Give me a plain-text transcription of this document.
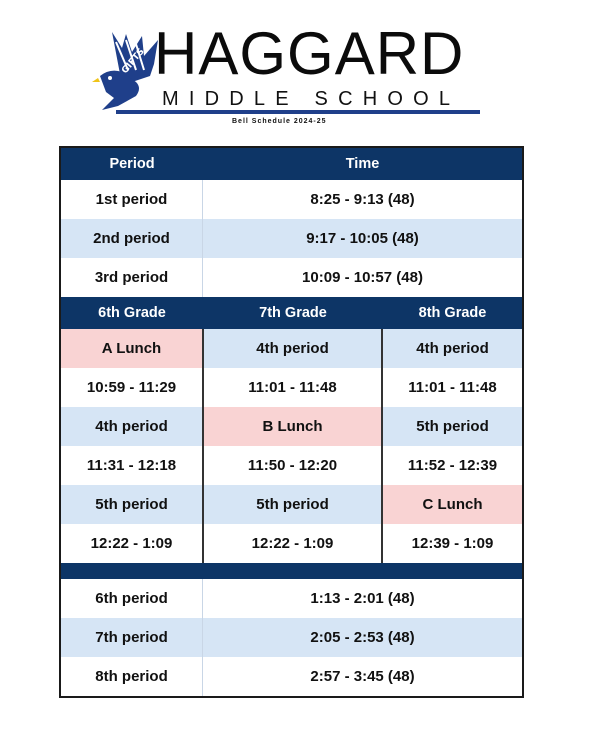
GIFTS HAGGARD
MIDDLE SCHOOL
Bell Schedule 2024-25
Period	Time
1st period	8:25 - 9:13 (48)
2nd period	9:17 - 10:05 (48)
3rd period	10:09 - 10:57 (48)
6th Grade	7th Grade	8th Grade
A Lunch	4th period	4th period
10:59 - 11:29	11:01 - 11:48	11:01 - 11:48
4th period	B Lunch	5th period
11:31 - 12:18	11:50 - 12:20	11:52 - 12:39
5th period	5th period	C Lunch
12:22 - 1:09	12:22 - 1:09	12:39 - 1:09
6th period	1:13 - 2:01 (48)
7th period	2:05 - 2:53 (48)
8th period	2:57 - 3:45 (48)
